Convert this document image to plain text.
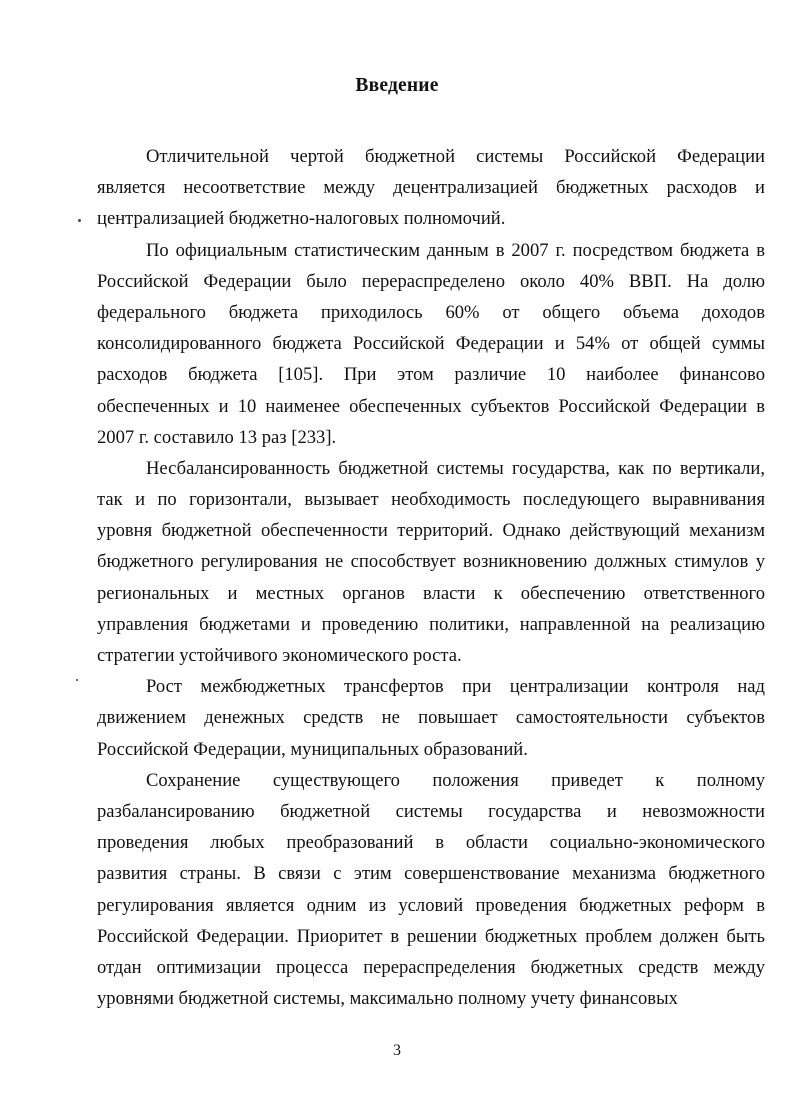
Введение
Отличительной чертой бюджетной системы Российской Федерации
является несоответствие между децентрализацией бюджетных расходов и
централизацией бюджетно-налоговых полномочий.
По официальным статистическим данным в 2007 г. посредством бюджета в
Российской Федерации было перераспределено около 40% ВВП. На долю
федерального бюджета приходилось 60% от общего объема доходов
консолидированного бюджета Российской Федерации и 54% от общей суммы
расходов бюджета [105]. При этом различие 10 наиболее финансово
обеспеченных и 10 наименее обеспеченных субъектов Российской Федерации в
2007 г. составило 13 раз [233].
Несбалансированность бюджетной системы государства, как по вертикали,
так и по горизонтали, вызывает необходимость последующего выравнивания
уровня бюджетной обеспеченности территорий. Однако действующий механизм
бюджетного регулирования не способствует возникновению должных стимулов у
региональных и местных органов власти к обеспечению ответственного
управления бюджетами и проведению политики, направленной на реализацию
стратегии устойчивого экономического роста.
Рост межбюджетных трансфертов при централизации контроля над
движением денежных средств не повышает самостоятельности субъектов
Российской Федерации, муниципальных образований.
Сохранение существующего положения приведет к полному
разбалансированию бюджетной системы государства и невозможности
проведения любых преобразований в области социально-экономического
развития страны. В связи с этим совершенствование механизма бюджетного
регулирования является одним из условий проведения бюджетных реформ в
Российской Федерации. Приоритет в решении бюджетных проблем должен быть
отдан оптимизации процесса перераспределения бюджетных средств между
уровнями бюджетной системы, максимально полному учету финансовых
3
